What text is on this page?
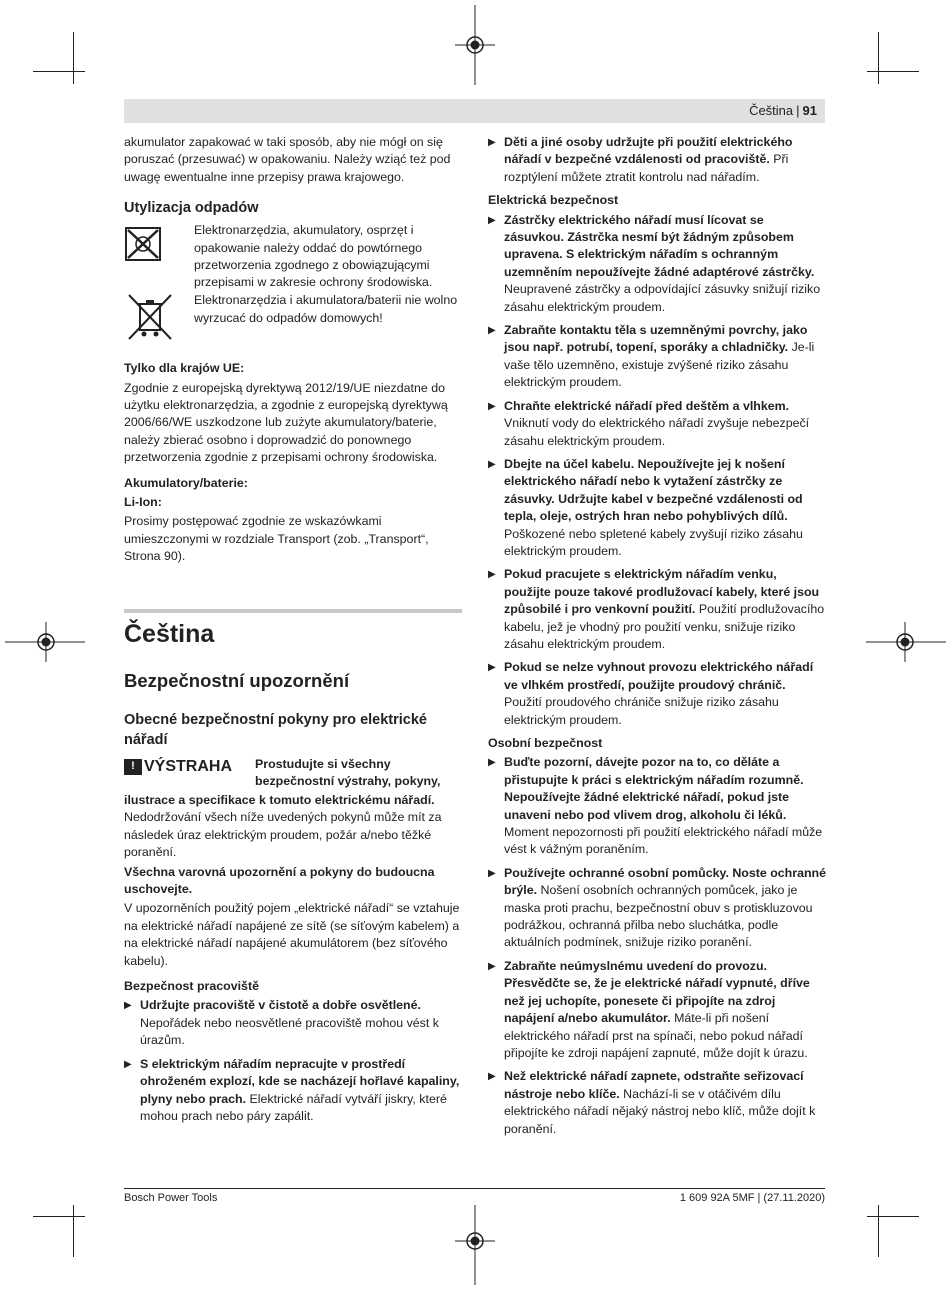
Čeština | 91

akumulator zapakować w taki sposób, aby nie mógł on się poruszać (przesuwać) w opakowaniu. Należy wziąć też pod uwagę ewentualne inne przepisy prawa krajowego.

Utylizacja odpadów

Elektronarzędzia, akumulatory, osprzęt i opakowanie należy oddać do powtórnego przetworzenia zgodnego z obowiązującymi przepisami w zakresie ochrony środowiska.

Elektronarzędzia i akumulatora/baterii nie wolno wyrzucać do odpadów domowych!

Tylko dla krajów UE:

Zgodnie z europejską dyrektywą 2012/19/UE niezdatne do użytku elektronarzędzia, a zgodnie z europejską dyrektywą 2006/66/WE uszkodzone lub zużyte akumulatory/baterie, należy zbierać osobno i doprowadzić do ponownego przetworzenia zgodnie z przepisami ochrony środowiska.

Akumulatory/baterie:
Li-Ion:

Prosimy postępować zgodnie ze wskazówkami umieszczonymi w rozdziale Transport (zob. „Transport“, Strona 90).

Čeština
Bezpečnostní upozornění
Obecné bezpečnostní pokyny pro elektrické nářadí
! VÝSTRAHA Prostudujte si všechny bezpečnostní výstrahy, pokyny,

ilustrace a specifikace k tomuto elektrickému nářadí.

Nedodržování všech níže uvedených pokynů může mít za následek úraz elektrickým proudem, požár a/nebo těžké poranění.

Všechna varovná upozornění a pokyny do budoucna uschovejte.

V upozorněních použitý pojem „elektrické nářadí“ se vztahuje na elektrické nářadí napájené ze sítě (se síťovým kabelem) a na elektrické nářadí napájené akumulátorem (bez síťového kabelu).

Bezpečnost pracoviště
▶ Udržujte pracoviště v čistotě a dobře osvětlené. Nepořádek nebo neosvětlené pracoviště mohou vést k úrazům.

▶ S elektrickým nářadím nepracujte v prostředí ohroženém explozí, kde se nacházejí hořlavé kapaliny, plyny nebo prach. Elektrické nářadí vytváří jiskry, které mohou prach nebo páry zapálit.

▶ Děti a jiné osoby udržujte při použití elektrického nářadí v bezpečné vzdálenosti od pracoviště. Při rozptýlení můžete ztratit kontrolu nad nářadím.

Elektrická bezpečnost
▶ Zástrčky elektrického nářadí musí lícovat se zásuvkou. Zástrčka nesmí být žádným způsobem upravena. S elektrickým nářadím s ochranným uzemněním nepoužívejte žádné adaptérové zástrčky. Neupravené zástrčky a odpovídající zásuvky snižují riziko zásahu elektrickým proudem.

▶ Zabraňte kontaktu těla s uzemněnými povrchy, jako jsou např. potrubí, topení, sporáky a chladničky. Je-li vaše tělo uzemněno, existuje zvýšené riziko zásahu elektrickým proudem.

▶ Chraňte elektrické nářadí před deštěm a vlhkem. Vniknutí vody do elektrického nářadí zvyšuje nebezpečí zásahu elektrickým proudem.

▶ Dbejte na účel kabelu. Nepoužívejte jej k nošení elektrického nářadí nebo k vytažení zástrčky ze zásuvky. Udržujte kabel v bezpečné vzdálenosti od tepla, oleje, ostrých hran nebo pohyblivých dílů. Poškozené nebo spletené kabely zvyšují riziko zásahu elektrickým proudem.

▶ Pokud pracujete s elektrickým nářadím venku, použijte pouze takové prodlužovací kabely, které jsou způsobilé i pro venkovní použití. Použití prodlužovacího kabelu, jež je vhodný pro použití venku, snižuje riziko zásahu elektrickým proudem.

▶ Pokud se nelze vyhnout provozu elektrického nářadí ve vlhkém prostředí, použijte proudový chránič. Použití proudového chrániče snižuje riziko zásahu elektrickým proudem.

Osobní bezpečnost
▶ Buďte pozorní, dávejte pozor na to, co děláte a přistupujte k práci s elektrickým nářadím rozumně. Nepoužívejte žádné elektrické nářadí, pokud jste unaveni nebo pod vlivem drog, alkoholu či léků. Moment nepozornosti při použití elektrického nářadí může vést k vážným poraněním.

▶ Používejte ochranné osobní pomůcky. Noste ochranné brýle. Nošení osobních ochranných pomůcek, jako je maska proti prachu, bezpečnostní obuv s protiskluzovou podrážkou, ochranná přilba nebo sluchátka, podle aktuálních podmínek, snižuje riziko poranění.

▶ Zabraňte neúmyslnému uvedení do provozu. Přesvědčte se, že je elektrické nářadí vypnuté, dříve než jej uchopíte, ponesete či připojíte na zdroj napájení a/nebo akumulátor. Máte-li při nošení elektrického nářadí prst na spínači, nebo pokud nářadí připojíte ke zdroji napájení zapnuté, může dojít k úrazu.

▶ Než elektrické nářadí zapnete, odstraňte seřizovací nástroje nebo klíče. Nachází-li se v otáčivém dílu elektrického nářadí nějaký nástroj nebo klíč, může dojít k poranění.

Bosch Power Tools	1 609 92A 5MF | (27.11.2020)
